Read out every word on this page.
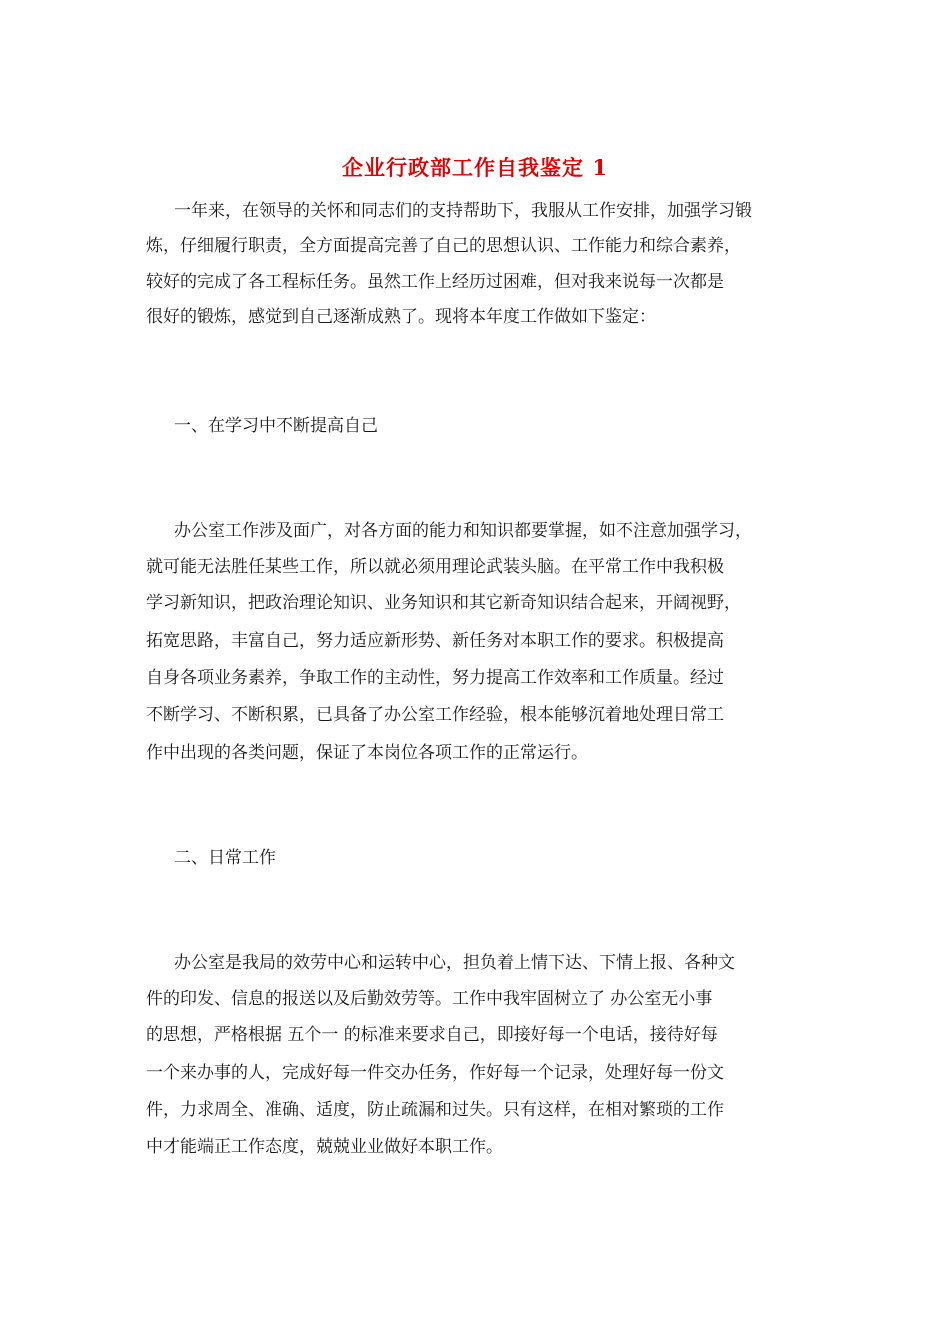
企业行政部工作自我鉴定 1

一年来，在领导的关怀和同志们的支持帮助下，我服从工作安排，加强学习锻

炼，仔细履行职责，全方面提高完善了自己的思想认识、工作能力和综合素养，

较好的完成了各工程标任务。虽然工作上经历过困难，但对我来说每一次都是

很好的锻炼，感觉到自己逐渐成熟了。现将本年度工作做如下鉴定：

一、在学习中不断提高自己

办公室工作涉及面广，对各方面的能力和知识都要掌握，如不注意加强学习，

就可能无法胜任某些工作，所以就必须用理论武装头脑。在平常工作中我积极

学习新知识，把政治理论知识、业务知识和其它新奇知识结合起来，开阔视野，

拓宽思路，丰富自己，努力适应新形势、新任务对本职工作的要求。积极提高

自身各项业务素养，争取工作的主动性，努力提高工作效率和工作质量。经过

不断学习、不断积累，已具备了办公室工作经验，根本能够沉着地处理日常工

作中出现的各类问题，保证了本岗位各项工作的正常运行。

二、日常工作

办公室是我局的效劳中心和运转中心，担负着上情下达、下情上报、各种文

件的印发、信息的报送以及后勤效劳等。工作中我牢固树立了 办公室无小事

的思想，严格根据 五个一 的标准来要求自己，即接好每一个电话，接待好每

一个来办事的人，完成好每一件交办任务，作好每一个记录，处理好每一份文

件，力求周全、准确、适度，防止疏漏和过失。只有这样，在相对繁琐的工作

中才能端正工作态度，兢兢业业做好本职工作。
